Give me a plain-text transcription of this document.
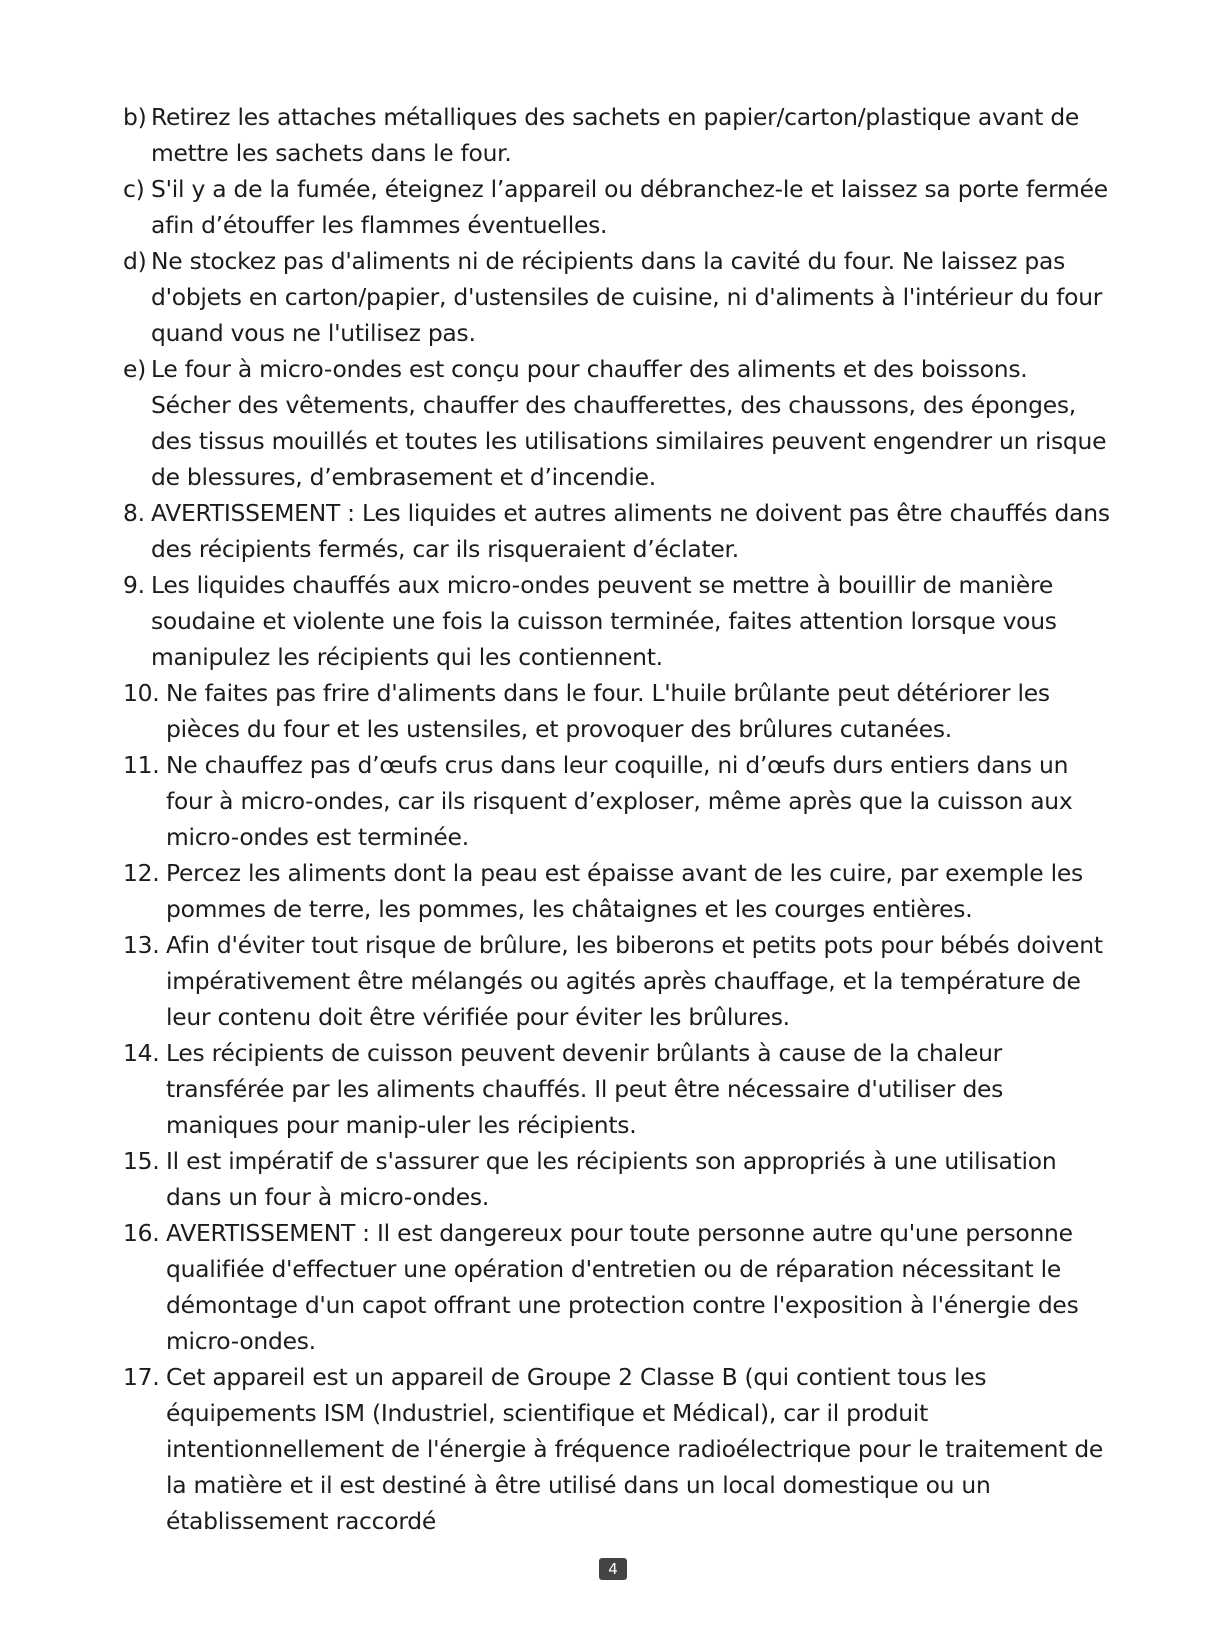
b) Retirez les attaches métalliques des sachets en papier/carton/plastique avant de mettre les sachets dans le four.
c) S'il y a de la fumée, éteignez l’appareil ou débranchez-le et laissez sa porte fermée afin d’étouffer les flammes éventuelles.
d) Ne stockez pas d'aliments ni de récipients dans la cavité du four. Ne laissez pas d'objets en carton/papier, d'ustensiles de cuisine, ni d'aliments à l'intérieur du four quand vous ne l'utilisez pas.
e) Le four à micro-ondes est conçu pour chauffer des aliments et des boissons. Sécher des vêtements, chauffer des chaufferettes, des chaussons, des éponges, des tissus mouillés et toutes les utilisations similaires peuvent engendrer un risque de blessures, d’embrasement et d’incendie.
8. AVERTISSEMENT : Les liquides et autres aliments ne doivent pas être chauffés dans des récipients fermés, car ils risqueraient d’éclater.
9. Les liquides chauffés aux micro-ondes peuvent se mettre à bouillir de manière soudaine et violente une fois la cuisson terminée, faites attention lorsque vous manipulez les récipients qui les contiennent.
10. Ne faites pas frire d'aliments dans le four. L'huile brûlante peut détériorer les pièces du four et les ustensiles, et provoquer des brûlures cutanées.
11. Ne chauffez pas d’œufs crus dans leur coquille, ni d’œufs durs entiers dans un four à micro-ondes, car ils risquent d’exploser, même après que la cuisson aux micro-ondes est terminée.
12. Percez les aliments dont la peau est épaisse avant de les cuire, par exemple les pommes de terre, les pommes, les châtaignes et les courges entières.
13. Afin d'éviter tout risque de brûlure, les biberons et petits pots pour bébés doivent impérativement être mélangés ou agités après chauffage, et la température de leur contenu doit être vérifiée pour éviter les brûlures.
14. Les récipients de cuisson peuvent devenir brûlants à cause de la chaleur transférée par les aliments chauffés. Il peut être nécessaire d'utiliser des maniques pour manip-uler les récipients.
15. Il est impératif de s'assurer que les récipients son appropriés à une utilisation dans un four à micro-ondes.
16. AVERTISSEMENT : Il est dangereux pour toute personne autre qu'une personne qualifiée d'effectuer une opération d'entretien ou de réparation nécessitant le démontage d'un capot offrant une protection contre l'exposition à l'énergie des micro-ondes.
17. Cet appareil est un appareil de Groupe 2 Classe B (qui contient tous les équipements ISM (Industriel, scientifique et Médical), car il produit intentionnellement de l'énergie à fréquence radioélectrique pour le traitement de la matière et il est destiné à être utilisé dans un local domestique ou un établissement raccordé
4
